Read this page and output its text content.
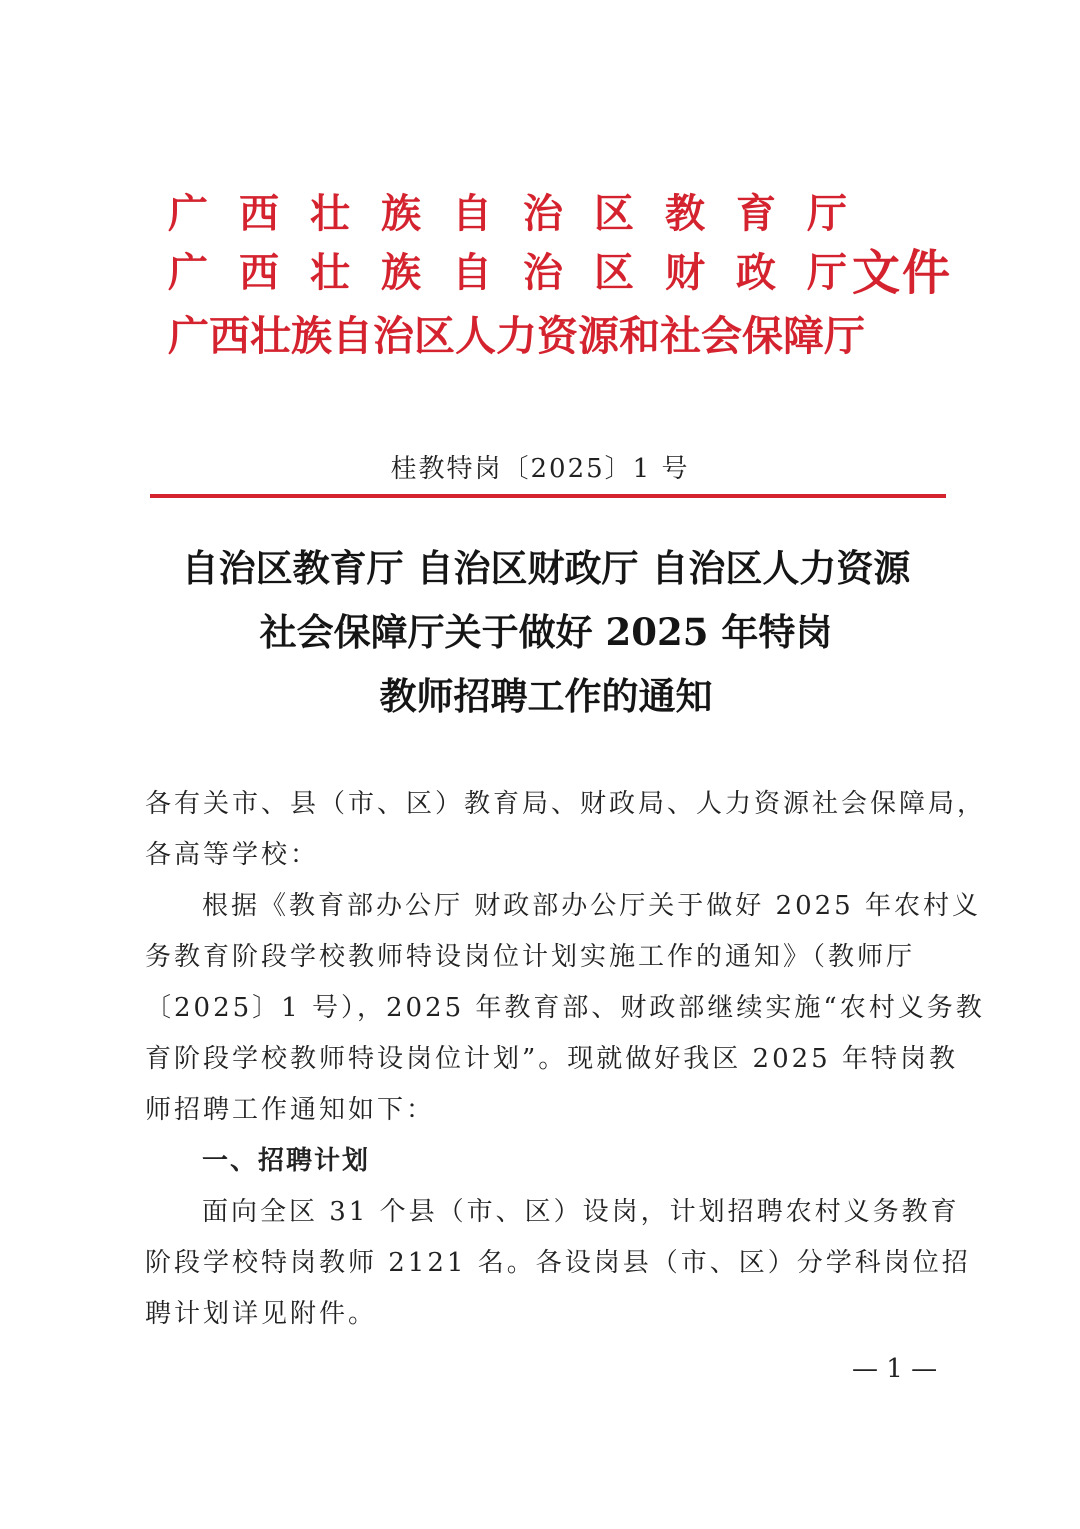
广西壮族自治区教育厅
广西壮族自治区财政厅
文件
广西壮族自治区人力资源和社会保障厅
桂教特岗〔2025〕1 号
自治区教育厅 自治区财政厅 自治区人力资源
社会保障厅关于做好 2025 年特岗
教师招聘工作的通知
各有关市、县（市、区）教育局、财政局、人力资源社会保障局，
各高等学校：
根据《教育部办公厅 财政部办公厅关于做好 2025 年农村义
务教育阶段学校教师特设岗位计划实施工作的通知》（教师厅
〔2025〕1 号），2025 年教育部、财政部继续实施“农村义务教
育阶段学校教师特设岗位计划”。现就做好我区 2025 年特岗教
师招聘工作通知如下：
一、招聘计划
面向全区 31 个县（市、区）设岗，计划招聘农村义务教育
阶段学校特岗教师 2121 名。各设岗县（市、区）分学科岗位招
聘计划详见附件。
— 1 —
